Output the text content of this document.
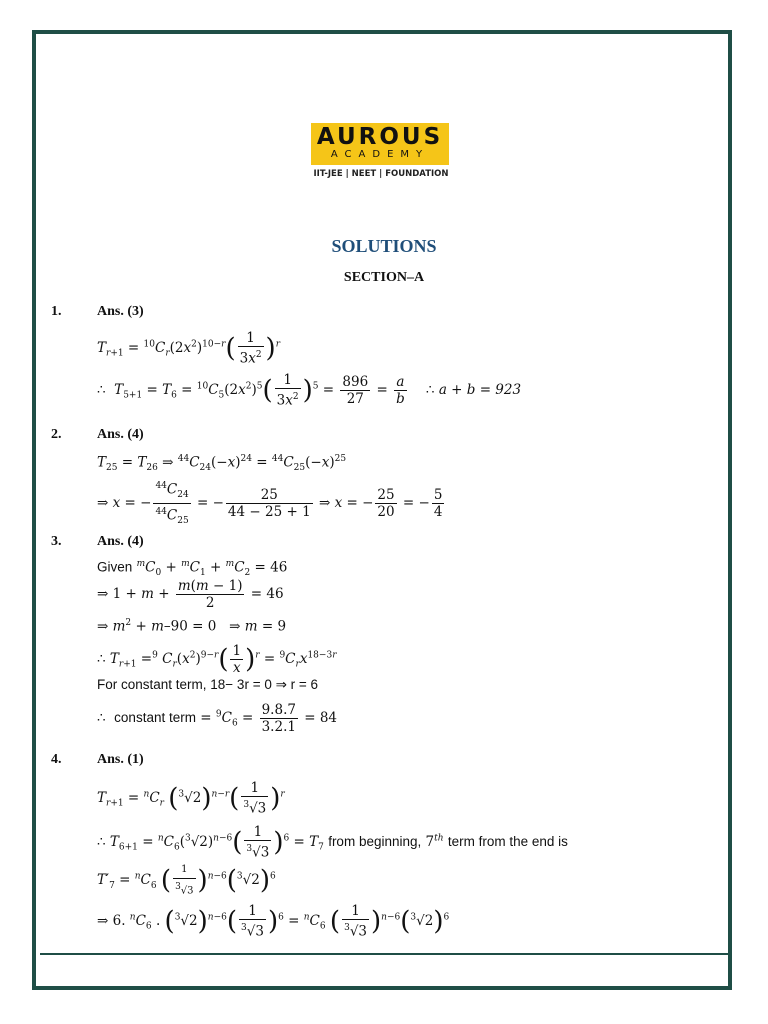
AUROUS
ACADEMY
IIT-JEE | NEET | FOUNDATION
SOLUTIONS
SECTION–A
1.	Ans. (3)
$T_{r+1} = ^{10}C_r(2x^2)^{10-r}( \frac{1}{3x^2} )^r$
∴  $T_{5+1} = T_6 = ^{10}C_5(2x^2)^5( \frac{1}{3x^2} )^5 = \frac{896}{27} = \frac{a}{b}$ ∴ a + b = 923
2.	Ans. (4)
$T_{25} = T_{26}$ ⇒ $^{44}C_{24}(-x)^{24} = ^{44}C_{25}(-x)^{25}$
⇒ x = − $\frac{^{44}C_{24}}{^{44}C_{25}}$ = − $\frac{25}{44 - 25 + 1}$ ⇒ x = − $\frac{25}{20}$ = − $\frac{5}{4}$
3.	Ans. (4)
Given $^mC_0 + ^mC_1 + ^mC_2 = 46$
⇒ $1 + m + \frac{m(m - 1)}{2} = 46$
⇒ $m^2 + m-90 = 0$   ⇒ m = 9
∴ $T_{r+1} =^9$ $C_r(x^2)^{9-r}( \frac{1}{x} )^r = ^9C_rx^{18-3r}$
For constant term, 18− 3r = 0 ⇒ r = 6
∴  constant term = $^9C_6 = \frac{9.8.7}{3.2.1} = 84$
4.	Ans. (1)
$T_{r+1} = ^nC_r$ $(^3√2)^{n-r}( \frac{1}{^3√3} )^r$
∴ $T_{6+1} = ^nC_6(^3√2)^{n-6}( \frac{1}{^3√3} )^6 = T_7$ from beginning, 7th term from the end is
$T'_7 = ^nC_6$ ( $\frac{1}{^3√3} )^{n-6}(^3√2)^6$
⇒ 6. $^nC_6$ . $(^3√2)^{n-6}( \frac{1}{^3√3} )^6 = ^nC_6$ ( $\frac{1}{^3√3} )^{n-6}(^3√2)^6$
